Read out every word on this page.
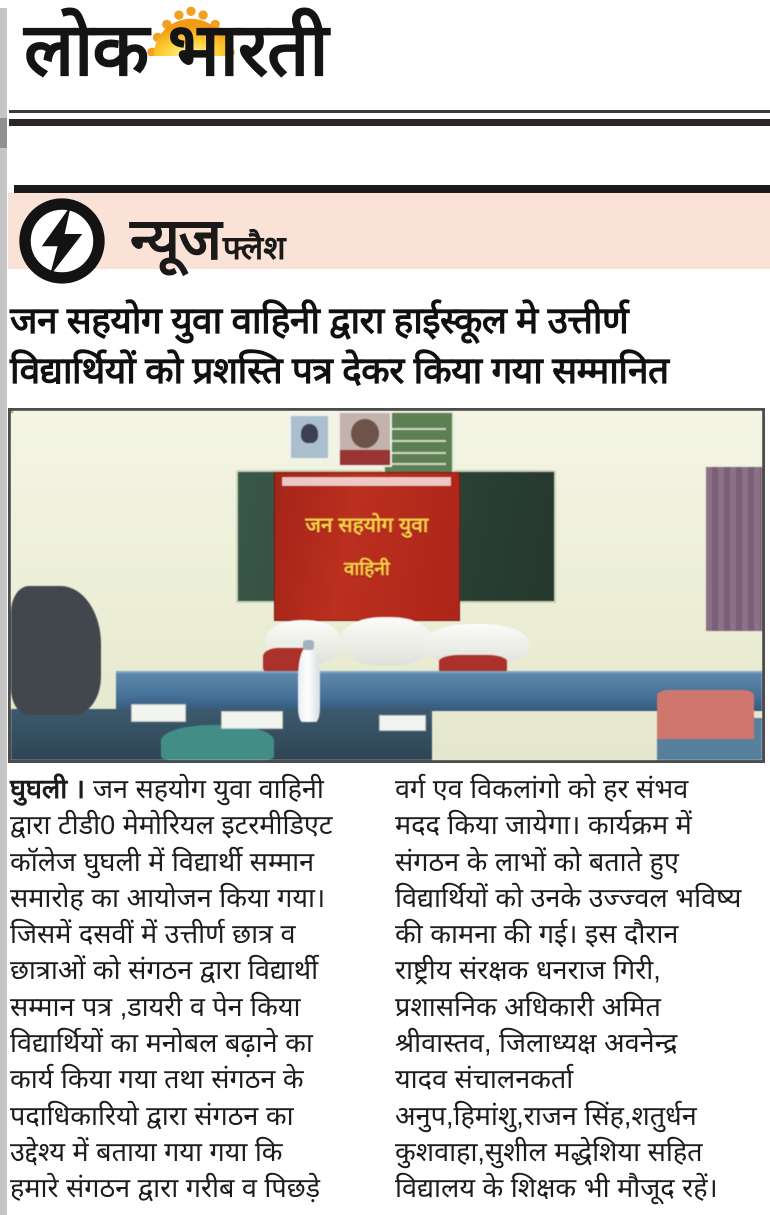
लोक भारती
न्यूज फ्लैश
जन सहयोग युवा वाहिनी द्वारा हाईस्कूल मे उत्तीर्ण
विद्यार्थियों को प्रशस्ति पत्र देकर किया गया सम्मानित
जन सहयोग युवा
वाहिनी
घुघली । जन सहयोग युवा वाहिनी
द्वारा टीडी0 मेमोरियल इटरमीडिएट
कॉलेज घुघली में विद्यार्थी सम्मान
समारोह का आयोजन किया गया।
जिसमें दसवीं में उत्तीर्ण छात्र व
छात्राओं को संगठन द्वारा विद्यार्थी
सम्मान पत्र ,डायरी व पेन किया
विद्यार्थियों का मनोबल बढ़ाने का
कार्य किया गया तथा संगठन के
पदाधिकारियो द्वारा संगठन का
उद्देश्य में बताया गया गया कि
हमारे संगठन द्वारा गरीब व पिछड़े
वर्ग एव विकलांगो को हर संभव
मदद किया जायेगा। कार्यक्रम में
संगठन के लाभों को बताते हुए
विद्यार्थियों को उनके उज्ज्वल भविष्य
की कामना की गई। इस दौरान
राष्ट्रीय संरक्षक धनराज गिरी,
प्रशासनिक अधिकारी अमित
श्रीवास्तव, जिलाध्यक्ष अवनेन्द्र
यादव संचालनकर्ता
अनुप,हिमांशु,राजन सिंह,शतुर्धन
कुशवाहा,सुशील मद्धेशिया सहित
विद्यालय के शिक्षक भी मौजूद रहें।
